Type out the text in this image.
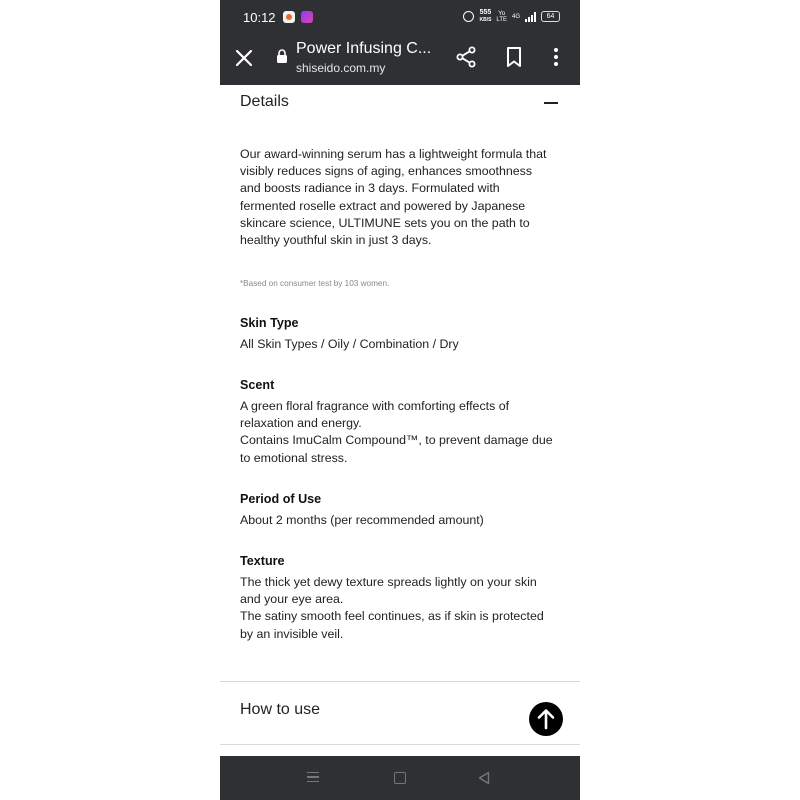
10:12	555
KB/S
Yo
LTE 4G	64
Power Infusing C...
shiseido.com.my
Details
Our award-winning serum has a lightweight formula that visibly reduces signs of aging, enhances smoothness and boosts radiance in 3 days. Formulated with fermented roselle extract and powered by Japanese skincare science, ULTIMUNE sets you on the path to healthy youthful skin in just 3 days.
*Based on consumer test by 103 women.
Skin Type
All Skin Types / Oily / Combination / Dry
Scent
A green floral fragrance with comforting effects of relaxation and energy.
Contains ImuCalm Compound™, to prevent damage due to emotional stress.
Period of Use
About 2 months (per recommended amount)
Texture
The thick yet dewy texture spreads lightly on your skin and your eye area.
The satiny smooth feel continues, as if skin is protected by an invisible veil.
How to use
